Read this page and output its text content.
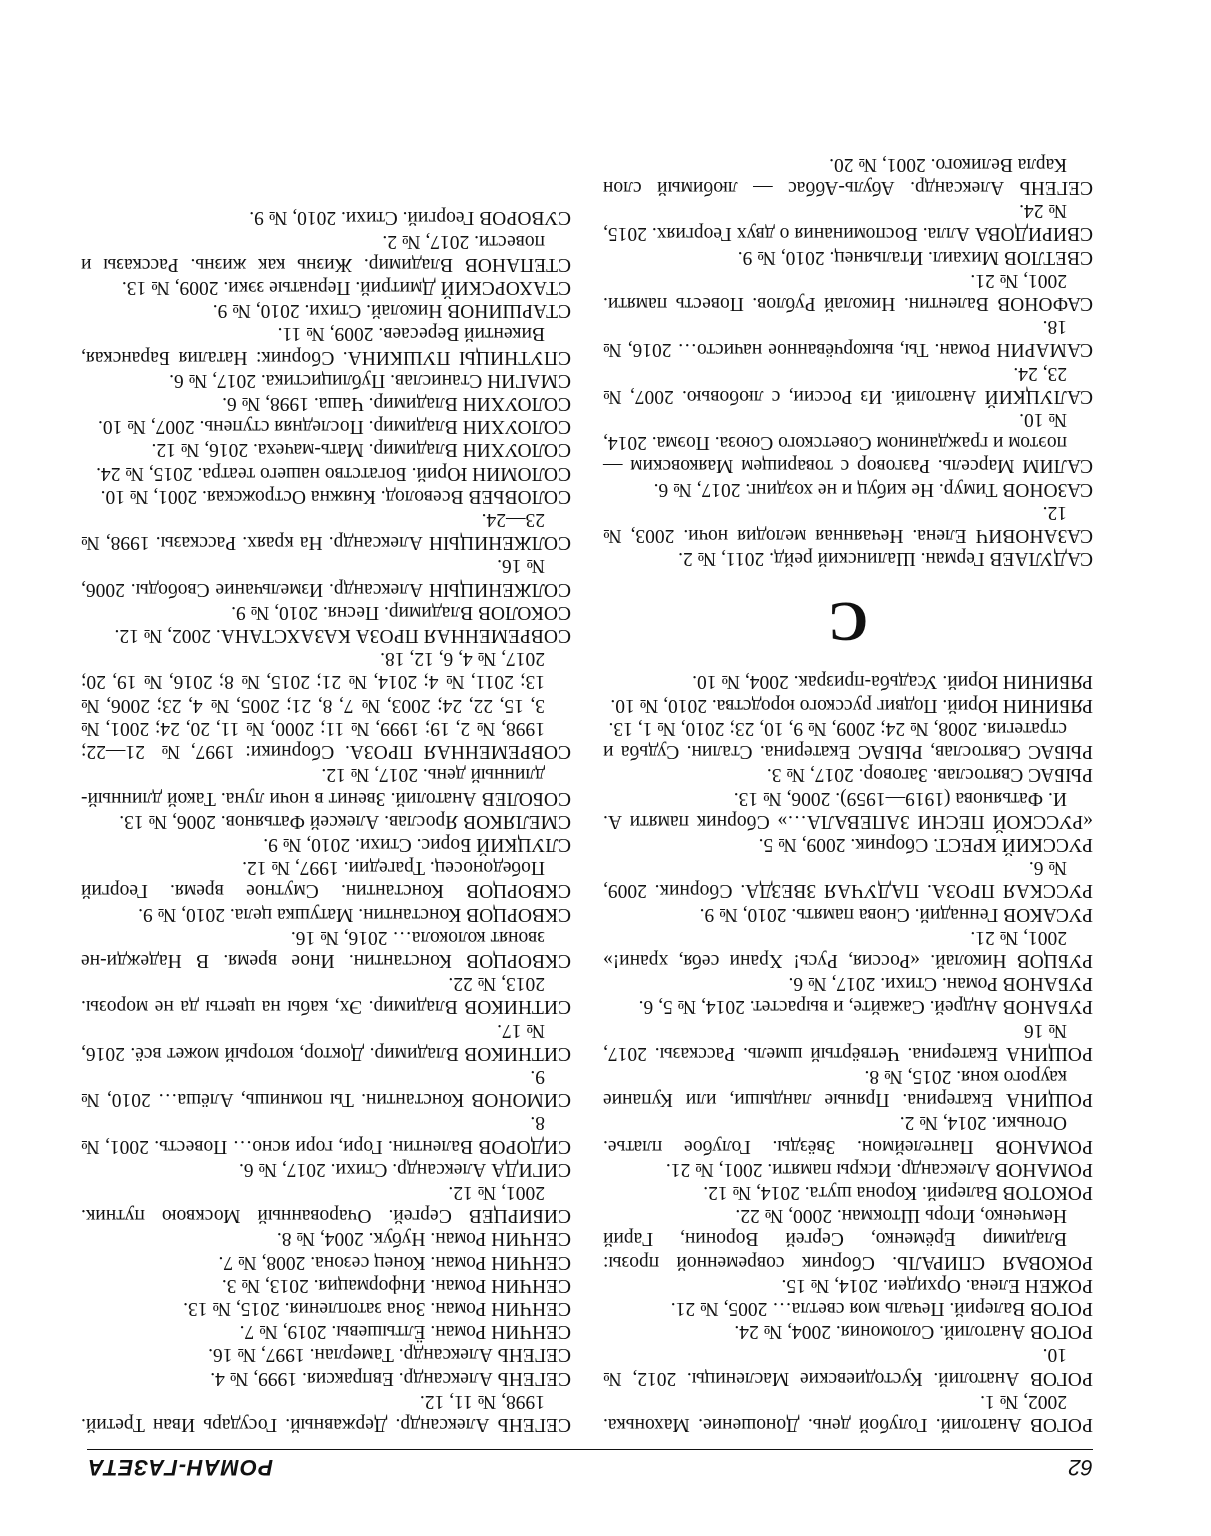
62
РОМАН-ГАЗЕТА

РОГОВ Анатолий. Голубой день. Доношение. Махонька. 2002, № 1.

РОГОВ Анатолий. Кустодиевские Масленицы. 2012, № 10.

РОГОВ Анатолий. Соломония. 2004, № 24.

РОГОВ Валерий. Печаль моя светла… 2005, № 21.

РОЖЕН Елена. Орхидеи. 2014, № 15.

РОКОВАЯ СПИРАЛЬ. Сборник современной прозы: Владимир Ерёменко, Сергей Воронин, Гарий Немченко, Игорь Штокман. 2000, № 22.

РОКОТОВ Валерий. Корона шута. 2014, № 12.

РОМАНОВ Александр. Искры памяти. 2001, № 21.

РОМАНОВ Пантелеймон. Звёзды. Голубое платье. Огоньки. 2014, № 2.

РОЩИНА Екатерина. Пряные ландыши, или Купание каурого коня. 2015, № 8.

РОЩИНА Екатерина. Четвёртый шмель. Рассказы. 2017, № 16

РУБАНОВ Андрей. Сажайте, и вырастет. 2014, № 5, 6.

РУБАНОВ Роман. Стихи. 2017, № 6.

РУБЦОВ Николай. «Россия, Русь! Храни себя, храни!» 2001, № 21.

РУСАКОВ Геннадий. Снова память. 2010, № 9.

РУССКАЯ ПРОЗА. ПАДУЧАЯ ЗВЕЗДА. Сборник. 2009, № 6.

РУССКИЙ КРЕСТ. Сборник. 2009, № 5.

«РУССКОЙ ПЕСНИ ЗАПЕВАЛА…» Сборник памяти А. И. Фатьянова (1919—1959). 2006, № 13.

РЫБАС Святослав. Заговор. 2017, № 3.

РЫБАС Святослав, РЫБАС Екатерина. Сталин. Судьба и стратегия. 2008, № 24; 2009, № 9, 10, 23; 2010, № 1, 13.

РЯБИНИН Юрий. Подвиг русского юродства. 2010, № 10.

РЯБИНИН Юрий. Усадьба-призрак. 2004, № 10.

С

САДУЛАЕВ Герман. Шалинский рейд. 2011, № 2.

САЗАНОВИЧ Елена. Нечаянная мелодия ночи. 2003, № 12.

САЗОНОВ Тимур. Не кибуц и не хоздинг. 2017, № 6.

САЛИМ Марсель. Разговор с товарищем Маяковским — поэтом и гражданином Советского Союза. Поэма. 2014, № 10.

САЛУЦКИЙ Анатолий. Из России, с любовью. 2007, № 23, 24.

САМАРИН Роман. Ты, выкорчёванное начисто… 2016, № 18.

САФОНОВ Валентин. Николай Рублов. Повесть памяти. 2001, № 21.

СВЕТЛОВ Михаил. Итальянец. 2010, № 9.

СВИРИДОВА Алла. Воспоминания о двух Георгиях. 2015, № 24.

СЕГЕНЬ Александр. Абуль-Аббас — любимый слон Карла Великого. 2001, № 20.

СЕГЕНЬ Александр. Державный. Государь Иван Третий. 1998, № 11, 12.

СЕГЕНЬ Александр. Евпраксия. 1999, № 4.

СЕГЕНЬ Александр. Тамерлан. 1997, № 16.

СЕНЧИН Роман. Ёлтышевы. 2019, № 7.

СЕНЧИН Роман. Зона затопления. 2015, № 13.

СЕНЧИН Роман. Информация. 2013, № 3.

СЕНЧИН Роман. Конец сезона. 2008, № 7.

СЕНЧИН Роман. Нубук. 2004, № 8.

СИБИРЦЕВ Сергей. Очарованный Москвою путник. 2001, № 12.

СИГИДА Александр. Стихи. 2017, № 6.

СИДОРОВ Валентин. Гори, гори ясно… Повесть. 2001, № 8.

СИМОНОВ Константин. Ты помнишь, Алёша… 2010, № 9.

СИТНИКОВ Владимир. Доктор, который может всё. 2016, № 17.

СИТНИКОВ Владимир. Эх, кабы на цветы да не морозы. 2013, № 22.

СКВОРЦОВ Константин. Иное время. В Надежди-не звонят колокола… 2016, № 16.

СКВОРЦОВ Константин. Матушка цела. 2010, № 9.

СКВОРЦОВ Константин. Смутное время. Георгий Победоносец. Трагедии. 1997, № 12.

СЛУЦКИЙ Борис. Стихи. 2010, № 9.

СМЕЛЯКОВ Ярослав. Алексей Фатьянов. 2006, № 13.

СОБОЛЕВ Анатолий. Звенит в ночи луна. Такой длинный-длинный день. 2017, № 12.

СОВРЕМЕННАЯ ПРОЗА. Сборники: 1997, № 21—22; 1998, № 2, 19; 1999, № 11; 2000, № 11, 20, 24; 2001, № 3, 15, 22, 24; 2003, № 7, 8, 21; 2005, № 4, 23; 2006, № 13; 2011, № 4; 2014, № 21; 2015, № 8; 2016, № 19, 20; 2017, № 4, 6, 12, 18.

СОВРЕМЕННАЯ ПРОЗА КАЗАХСТАНА. 2002, № 12.

СОКОЛОВ Владимир. Песня. 2010, № 9.

СОЛЖЕНИЦЫН Александр. Измельчание Свободы. 2006, № 16.

СОЛЖЕНИЦЫН Александр. На краях. Рассказы. 1998, № 23—24.

СОЛОВЬЕВ Всеволод. Княжна Острожская. 2001, № 10.

СОЛОМИН Юрий. Богатство нашего театра. 2015, № 24.

СОЛОУХИН Владимир. Мать-мачеха. 2016, № 12.

СОЛОУХИН Владимир. Последняя ступень. 2007, № 10.

СОЛОУХИН Владимир. Чаша. 1998, № 6.

СМАГИН Станислав. Публицистика. 2017, № 6.

СПУТНИЦЫ ПУШКИНА. Сборник: Наталия Баранская, Викентий Вересаев. 2009, № 11.

СТАРШИНОВ Николай. Стихи. 2010, № 9.

СТАХОРСКИЙ Дмитрий. Пернатые зэки. 2009, № 13.

СТЕПАНОВ Владимир. Жизнь как жизнь. Рассказы и повести. 2017, № 2.

СУВОРОВ Георгий. Стихи. 2010, № 9.
